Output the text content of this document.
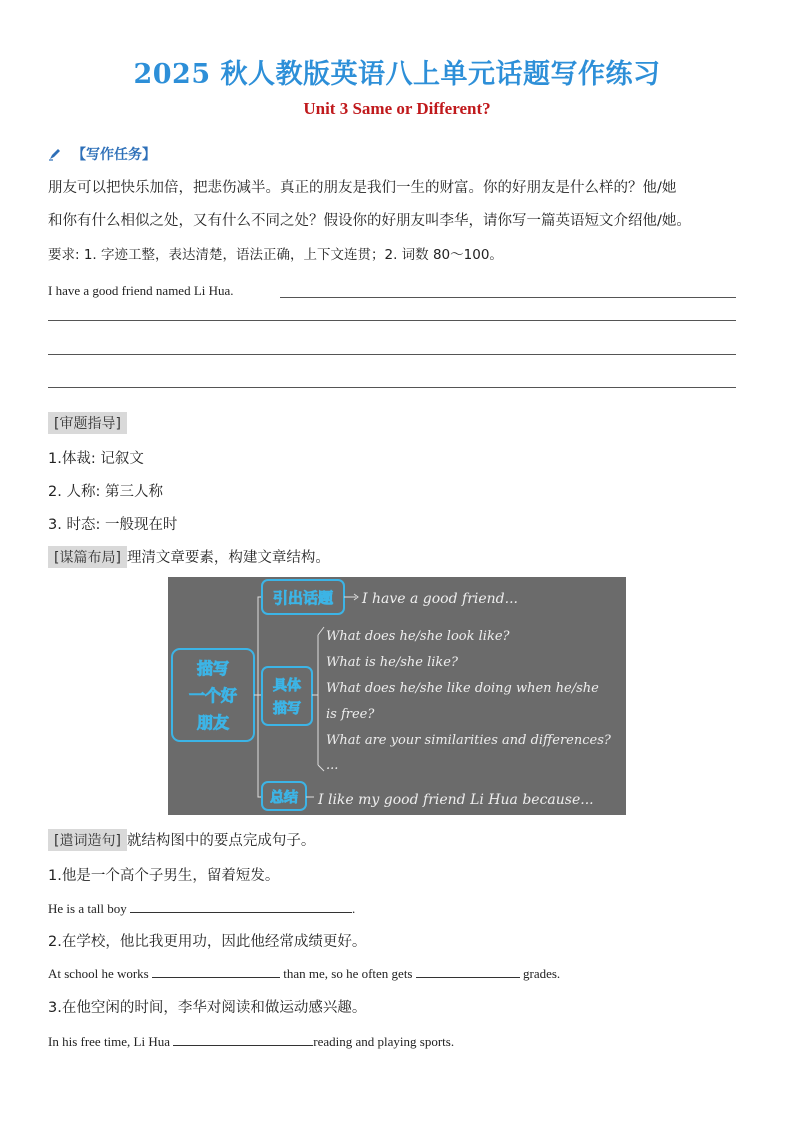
2025 秋人教版英语八上单元话题写作练习
Unit 3 Same or Different?
【写作任务】
朋友可以把快乐加倍，把悲伤减半。真正的朋友是我们一生的财富。你的好朋友是什么样的？他/她
和你有什么相似之处，又有什么不同之处？假设你的好朋友叫李华，请你写一篇英语短文介绍他/她。
要求: 1. 字迹工整，表达清楚，语法正确，上下文连贯；2. 词数 80～100。
I have a good friend named Li Hua.
[审题指导]
1.体裁: 记叙文
2. 人称: 第三人称
3. 时态: 一般现在时
[谋篇布局] 理清文章要素，构建文章结构。
描写
一个好
朋友
引出话题 I have a good friend...
具体
描写
What does he/she look like?
What is he/she like?
What does he/she like doing when he/she
is free?
What are your similarities and differences?
...
总结 I like my good friend Li Hua because...
[遣词造句] 就结构图中的要点完成句子。
1.他是一个高个子男生，留着短发。
He is a tall boy	.
2.在学校，他比我更用功，因此他经常成绩更好。
At school he works	than me, so he often gets	grades.
3.在他空闲的时间，李华对阅读和做运动感兴趣。
In his free time, Li Hua	reading and playing sports.
